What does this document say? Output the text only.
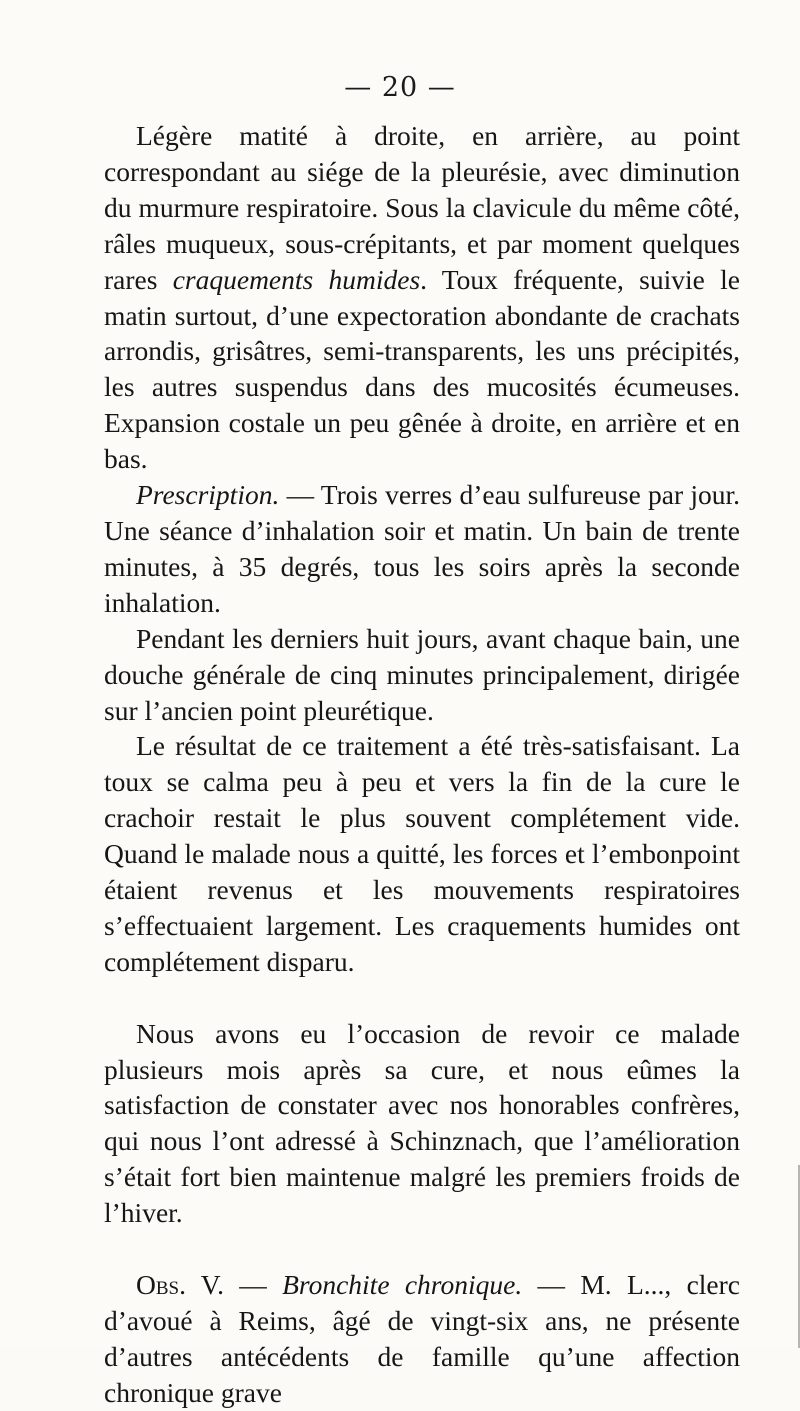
— 20 —

Légère matité à droite, en arrière, au point correspondant au siége de la pleurésie, avec diminution du murmure respiratoire. Sous la clavicule du même côté, râles muqueux, sous-crépitants, et par moment quelques rares craquements humides. Toux fréquente, suivie le matin surtout, d’une expectoration abondante de crachats arrondis, grisâtres, semi-transparents, les uns précipités, les autres suspendus dans des mucosités écumeuses. Expansion costale un peu gênée à droite, en arrière et en bas.

Prescription. — Trois verres d’eau sulfureuse par jour. Une séance d’inhalation soir et matin. Un bain de trente minutes, à 35 degrés, tous les soirs après la seconde inhalation.

Pendant les derniers huit jours, avant chaque bain, une douche générale de cinq minutes principalement, dirigée sur l’ancien point pleurétique.

Le résultat de ce traitement a été très-satisfaisant. La toux se calma peu à peu et vers la fin de la cure le crachoir restait le plus souvent complétement vide. Quand le malade nous a quitté, les forces et l’embonpoint étaient revenus et les mouvements respiratoires s’effectuaient largement. Les craquements humides ont complétement disparu.

Nous avons eu l’occasion de revoir ce malade plusieurs mois après sa cure, et nous eûmes la satisfaction de constater avec nos honorables confrères, qui nous l’ont adressé à Schinznach, que l’amélioration s’était fort bien maintenue malgré les premiers froids de l’hiver.

Obs. V. — Bronchite chronique. — M. L..., clerc d’avoué à Reims, âgé de vingt-six ans, ne présente d’autres antécédents de famille qu’une affection chronique grave
